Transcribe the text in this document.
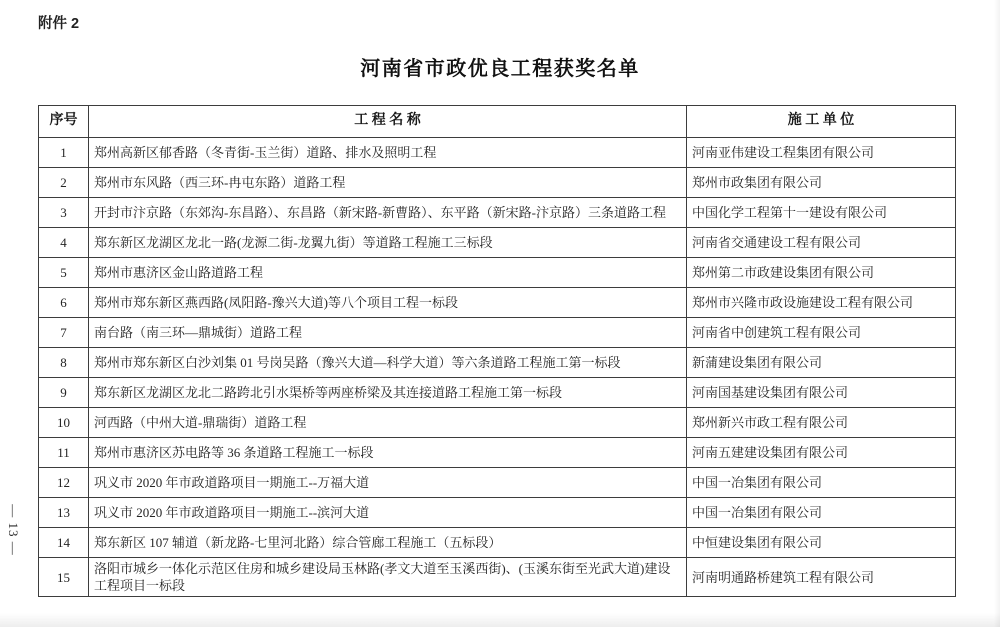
附件 2
河南省市政优良工程获奖名单
序号	工 程 名 称	施 工 单 位
1	郑州高新区郁香路（冬青街-玉兰街）道路、排水及照明工程	河南亚伟建设工程集团有限公司
2	郑州市东风路（西三环-冉屯东路）道路工程	郑州市政集团有限公司
3	开封市汴京路（东郊沟-东昌路）、东昌路（新宋路-新曹路）、东平路（新宋路-汴京路）三条道路工程	中国化学工程第十一建设有限公司
4	郑东新区龙湖区龙北一路(龙源二街-龙翼九街）等道路工程施工三标段	河南省交通建设工程有限公司
5	郑州市惠济区金山路道路工程	郑州第二市政建设集团有限公司
6	郑州市郑东新区燕西路(凤阳路-豫兴大道)等八个项目工程一标段	郑州市兴隆市政设施建设工程有限公司
7	南台路（南三环—鼎城街）道路工程	河南省中创建筑工程有限公司
8	郑州市郑东新区白沙刘集 01 号岗吴路（豫兴大道—科学大道）等六条道路工程施工第一标段	新蒲建设集团有限公司
9	郑东新区龙湖区龙北二路跨北引水渠桥等两座桥梁及其连接道路工程施工第一标段	河南国基建设集团有限公司
10	河西路（中州大道-鼎瑞街）道路工程	郑州新兴市政工程有限公司
11	郑州市惠济区苏电路等 36 条道路工程施工一标段	河南五建建设集团有限公司
12	巩义市 2020 年市政道路项目一期施工--万福大道	中国一冶集团有限公司
13	巩义市 2020 年市政道路项目一期施工--滨河大道	中国一冶集团有限公司
14	郑东新区 107 辅道（新龙路-七里河北路）综合管廊工程施工（五标段）	中恒建设集团有限公司
15	洛阳市城乡一体化示范区住房和城乡建设局玉林路(孝文大道至玉溪西街)、(玉溪东街至光武大道)建设工程项目一标段	河南明通路桥建筑工程有限公司
— 13 —
